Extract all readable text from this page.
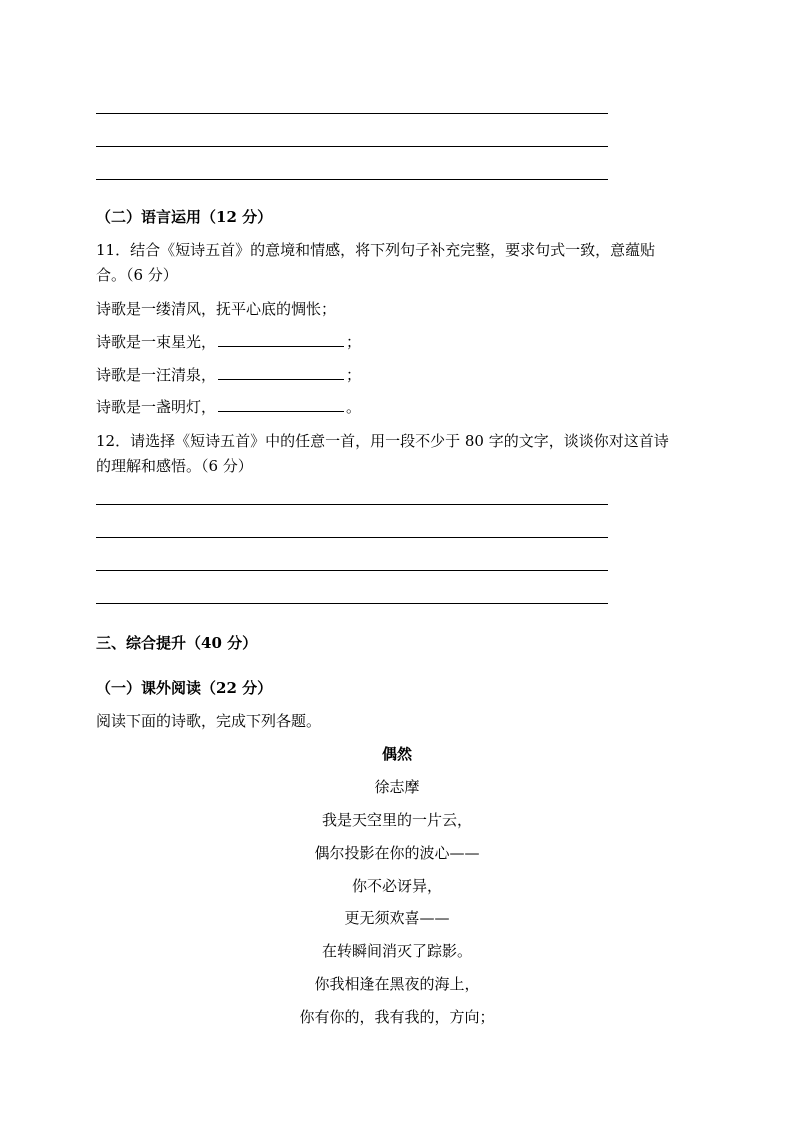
（二）语言运用（12 分）
11．结合《短诗五首》的意境和情感，将下列句子补充完整，要求句式一致，意蕴贴
合。（6 分）
诗歌是一缕清风，抚平心底的惆怅；
诗歌是一束星光，	；
诗歌是一汪清泉，	；
诗歌是一盏明灯，	。
12．请选择《短诗五首》中的任意一首，用一段不少于 80 字的文字，谈谈你对这首诗
的理解和感悟。（6 分）
三、综合提升（40 分）
（一）课外阅读（22 分）
阅读下面的诗歌，完成下列各题。
偶然
徐志摩
我是天空里的一片云，
偶尔投影在你的波心——
你不必讶异，
更无须欢喜——
在转瞬间消灭了踪影。
你我相逢在黑夜的海上，
你有你的，我有我的，方向；
